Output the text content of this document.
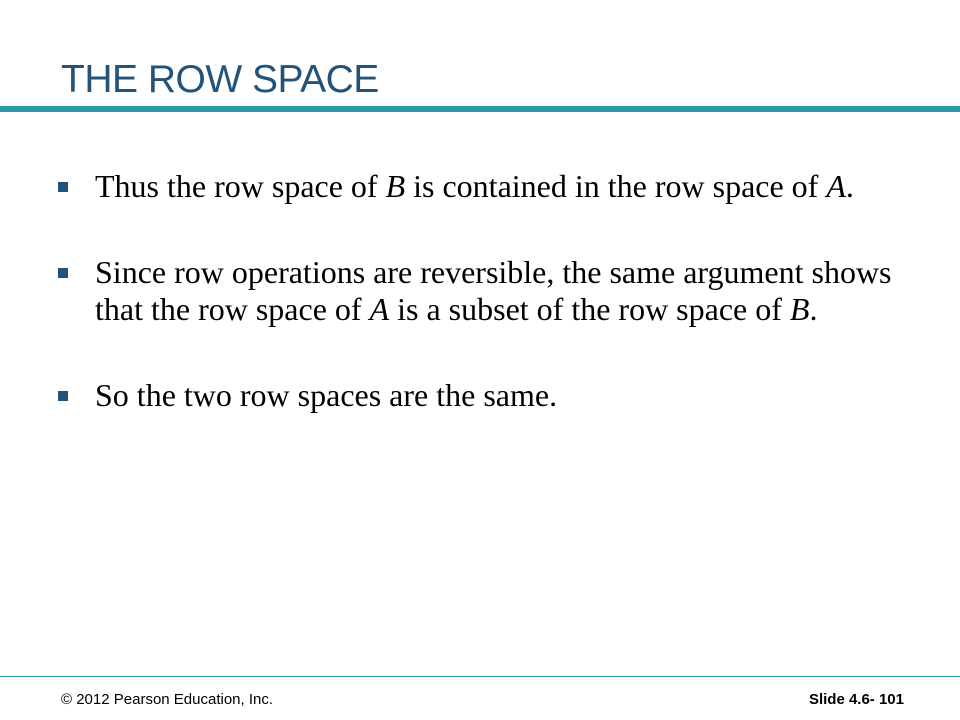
THE ROW SPACE
Thus the row space of B is contained in the row space of A.
Since row operations are reversible, the same argument shows that the row space of A is a subset of the row space of B.
So the two row spaces are the same.
© 2012 Pearson Education, Inc.	Slide 4.6- 101
